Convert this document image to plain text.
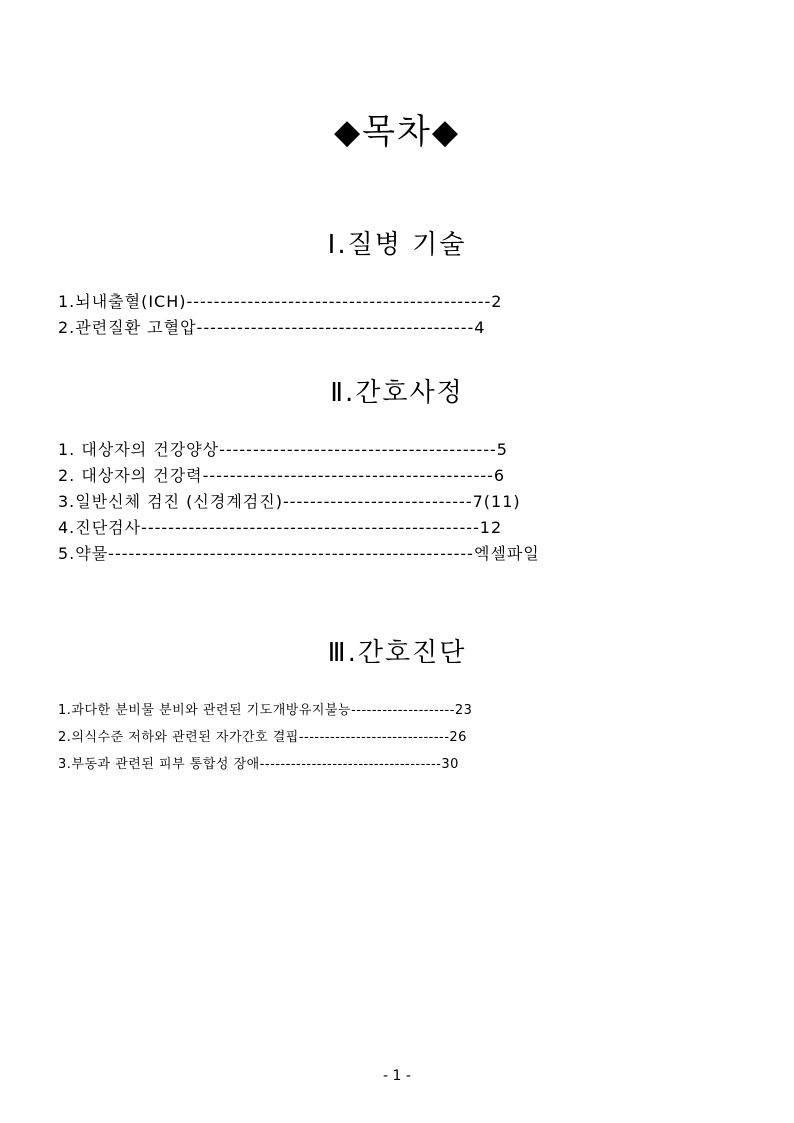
◆목차◆
Ⅰ.질병 기술
1.뇌내출혈(ICH)---------------------------------------------2
2.관련질환 고혈압-----------------------------------------4
Ⅱ.간호사정
1. 대상자의 건강양상-----------------------------------------5
2. 대상자의 건강력-------------------------------------------6
3.일반신체 검진 (신경계검진)----------------------------7(11)
4.진단검사--------------------------------------------------12
5.약물------------------------------------------------------엑셀파일
Ⅲ.간호진단
1.과다한 분비물 분비와 관련된 기도개방유지불능--------------------23
2.의식수준 저하와 관련된 자가간호 결핍-----------------------------26
3.부동과 관련된 피부 통합성 장애-----------------------------------30
- 1 -
